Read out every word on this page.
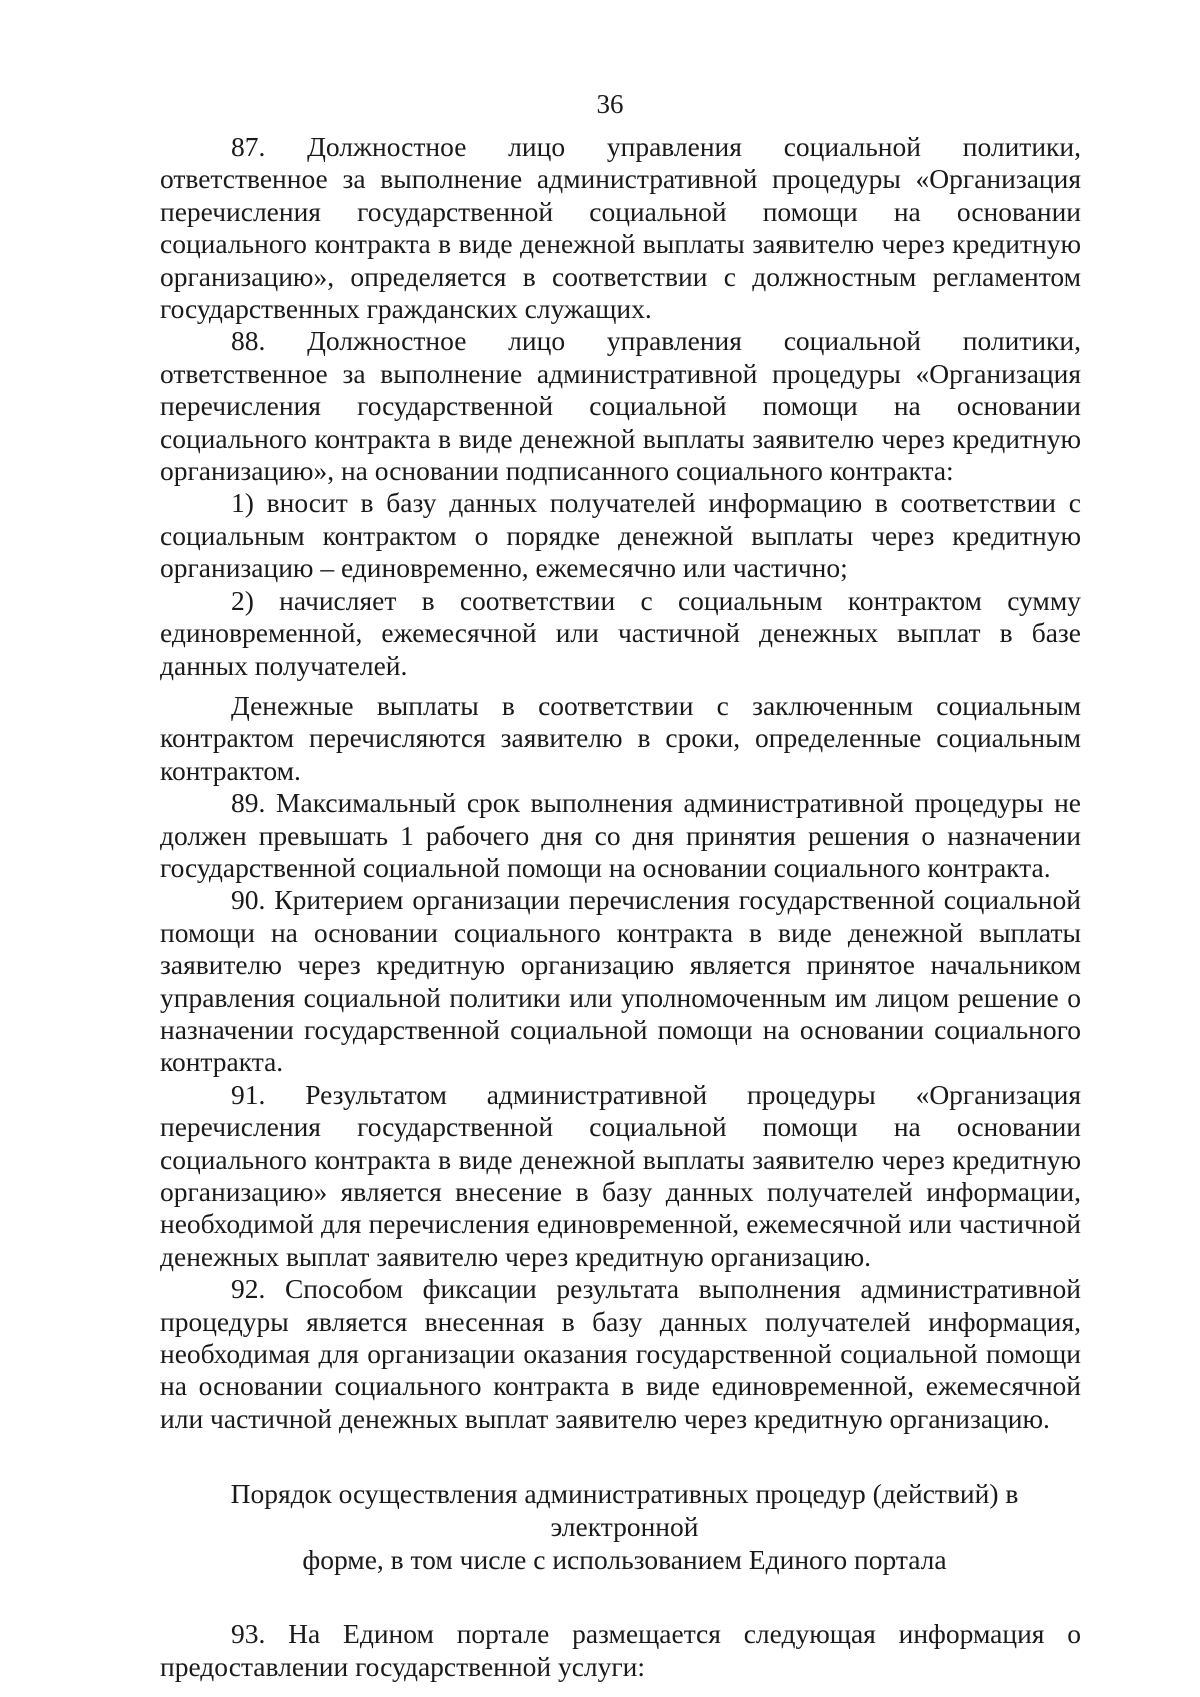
36

87. Должностное лицо управления социальной политики, ответственное за выполнение административной процедуры «Организация перечисления государственной социальной помощи на основании социального контракта в виде денежной выплаты заявителю через кредитную организацию», определяется в соответствии с должностным регламентом государственных гражданских служащих.

88. Должностное лицо управления социальной политики, ответственное за выполнение административной процедуры «Организация перечисления государственной социальной помощи на основании социального контракта в виде денежной выплаты заявителю через кредитную организацию», на основании подписанного социального контракта:

1) вносит в базу данных получателей информацию в соответствии с социальным контрактом о порядке денежной выплаты через кредитную организацию – единовременно, ежемесячно или частично;

2) начисляет в соответствии с социальным контрактом сумму единовременной, ежемесячной или частичной денежных выплат в базе данных получателей.

Денежные выплаты в соответствии с заключенным социальным контрактом перечисляются заявителю в сроки, определенные социальным контрактом.

89. Максимальный срок выполнения административной процедуры не должен превышать 1 рабочего дня со дня принятия решения о назначении государственной социальной помощи на основании социального контракта.

90. Критерием организации перечисления государственной социальной помощи на основании социального контракта в виде денежной выплаты заявителю через кредитную организацию является принятое начальником управления социальной политики или уполномоченным им лицом решение о назначении государственной социальной помощи на основании социального контракта.

91. Результатом административной процедуры «Организация перечисления государственной социальной помощи на основании социального контракта в виде денежной выплаты заявителю через кредитную организацию» является внесение в базу данных получателей информации, необходимой для перечисления единовременной, ежемесячной или частичной денежных выплат заявителю через кредитную организацию.

92. Способом фиксации результата выполнения административной процедуры является внесенная в базу данных получателей информация, необходимая для организации оказания государственной социальной помощи на основании социального контракта в виде единовременной, ежемесячной или частичной денежных выплат заявителю через кредитную организацию.

Порядок осуществления административных процедур (действий) в электронной
форме, в том числе с использованием Единого портала

93. На Едином портале размещается следующая информация о предоставлении государственной услуги:
